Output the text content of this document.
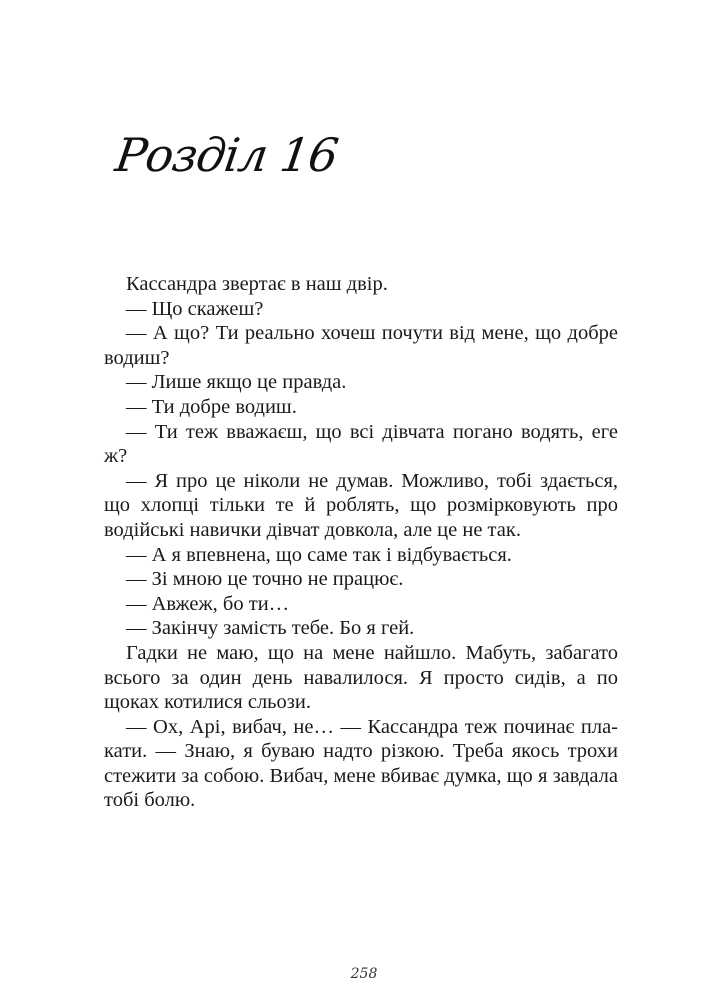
Розділ 16

Кассандра звертає в наш двір.

— Що скажеш?

— А що? Ти реально хочеш почути від мене, що добре водиш?

— Лише якщо це правда.

— Ти добре водиш.

— Ти теж вважаєш, що всі дівчата погано водять, еге ж?

— Я про це ніколи не думав. Можливо, тобі здається, що хлопці тільки те й роблять, що розмірковують про водійські навички дівчат довкола, але це не так.

— А я впевнена, що саме так і відбувається.

— Зі мною це точно не працює.

— Авжеж, бо ти…

— Закінчу замість тебе. Бо я гей.

Гадки не маю, що на мене найшло. Мабуть, забагато всього за один день навалилося. Я просто сидів, а по щоках котилися сльози.

— Ох, Арі, вибач, не… — Кассандра теж починає плакати. — Знаю, я буваю надто різкою. Треба якось трохи стежити за собою. Вибач, мене вбиває думка, що я завдала тобі болю.

258
